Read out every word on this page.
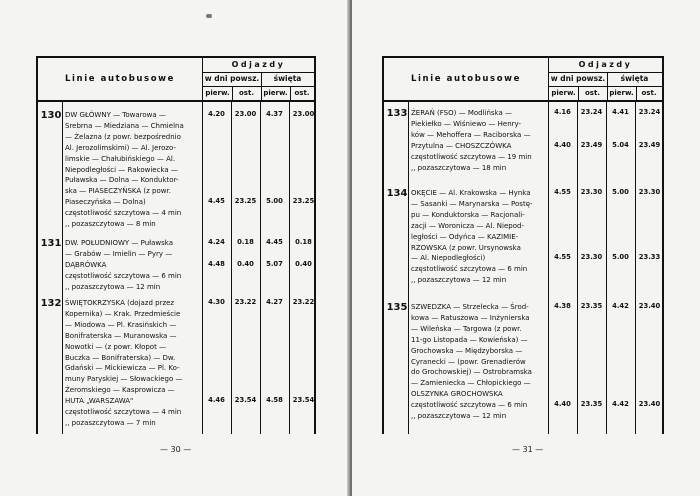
Linie autobusowe
Odjazdy
w dni powsz.	święta
pierw.	ost.	pierw. ost.
130 DW GŁÓWNY — Towarowa —
Srebrna — Miedziana — Chmielna
— Żelazna (z powr. bezpośrednio
Al. Jerozolimskimi) — Al. Jerozo-
limskie — Chałubińskiego — Al.
Niepodległości — Rakowiecka —
Puławska — Dolna — Konduktor-
ska — PIASECZYŃSKA (z powr.
Piaseczyńska — Dolna)
częstotliwość szczytowa — 4 min
,, pozaszczytowa — 8 min
4.20	23.00	4.37	23.00
4.45	23.25	5.00	23.25
131 DW. POŁUDNIOWY — Puławska
— Grabów — Imielin — Pyry —
DĄBRÓWKA
częstotliwość szczytowa — 6 min
,, pozaszczytowa — 12 min
4.24	0.18	4.45	0.18
4.48	0.40	5.07	0.40
132 ŚWIĘTOKRZYSKA (dojazd przez
Kopernika) — Krak. Przedmieście
— Miodowa — Pl. Krasińskich —
Bonifraterska — Muranowska —
Nowotki — (z powr. Kłopot —
Buczka — Bonifraterska) — Dw.
Gdański — Mickiewicza — Pl. Ko-
muny Paryskiej — Słowackiego —
Żeromskiego — Kasprowicza —
HUTA „WARSZAWA"
częstotliwość szczytowa — 4 min
,, pozaszczytowa — 7 min
4.30	23.22	4.27	23.22
4.46	23.54	4.58	23.54
— 30 —
Linie autobusowe
Odjazdy
w dni powsz.	święta
pierw.	ost.	pierw.	ost.
133 ŻERAŃ (FSO) — Modlińska —
Piekiełko — Wiśniewo — Henry-
ków — Mehoffera — Raciborska —
Przytulna — CHOSZCZÓWKA
częstotliwość szczytowa — 19 min
,, pozaszczytowa — 18 min
4.16	23.24	4.41	23.24
4.40	23.49	5.04	23.49
134 OKĘCIE — Al. Krakowska — Hynka
— Sasanki — Marynarska — Postę-
pu — Konduktorska — Racjonali-
zacji — Woronicza — Al. Niepod-
ległości — Odyńca — KAZIMIE-
RZOWSKA (z powr. Ursynowska
— Al. Niepodległości)
częstotliwość szczytowa — 6 min
,, pozaszczytowa — 12 min
4.55	23.30	5.00	23.30
4.55	23.30	5.00	23.33
135 SZWEDZKA — Strzelecka — Środ-
kowa — Ratuszowa — Inżynierska
— Wileńska — Targowa (z powr.
11-go Listopada — Kowieńska) —
Grochowska — Międzyborska —
Cyranecki — (powr. Grenadierów
do Grochowskiej) — Ostrobramska
— Zamieniecka — Chłopickiego —
OLSZYNKA GROCHOWSKA
częstotliwość szczytowa — 6 min
,, pozaszczytowa — 12 min
4.38	23.35	4.42	23.40
4.40	23.35	4.42	23.40
— 31 —
